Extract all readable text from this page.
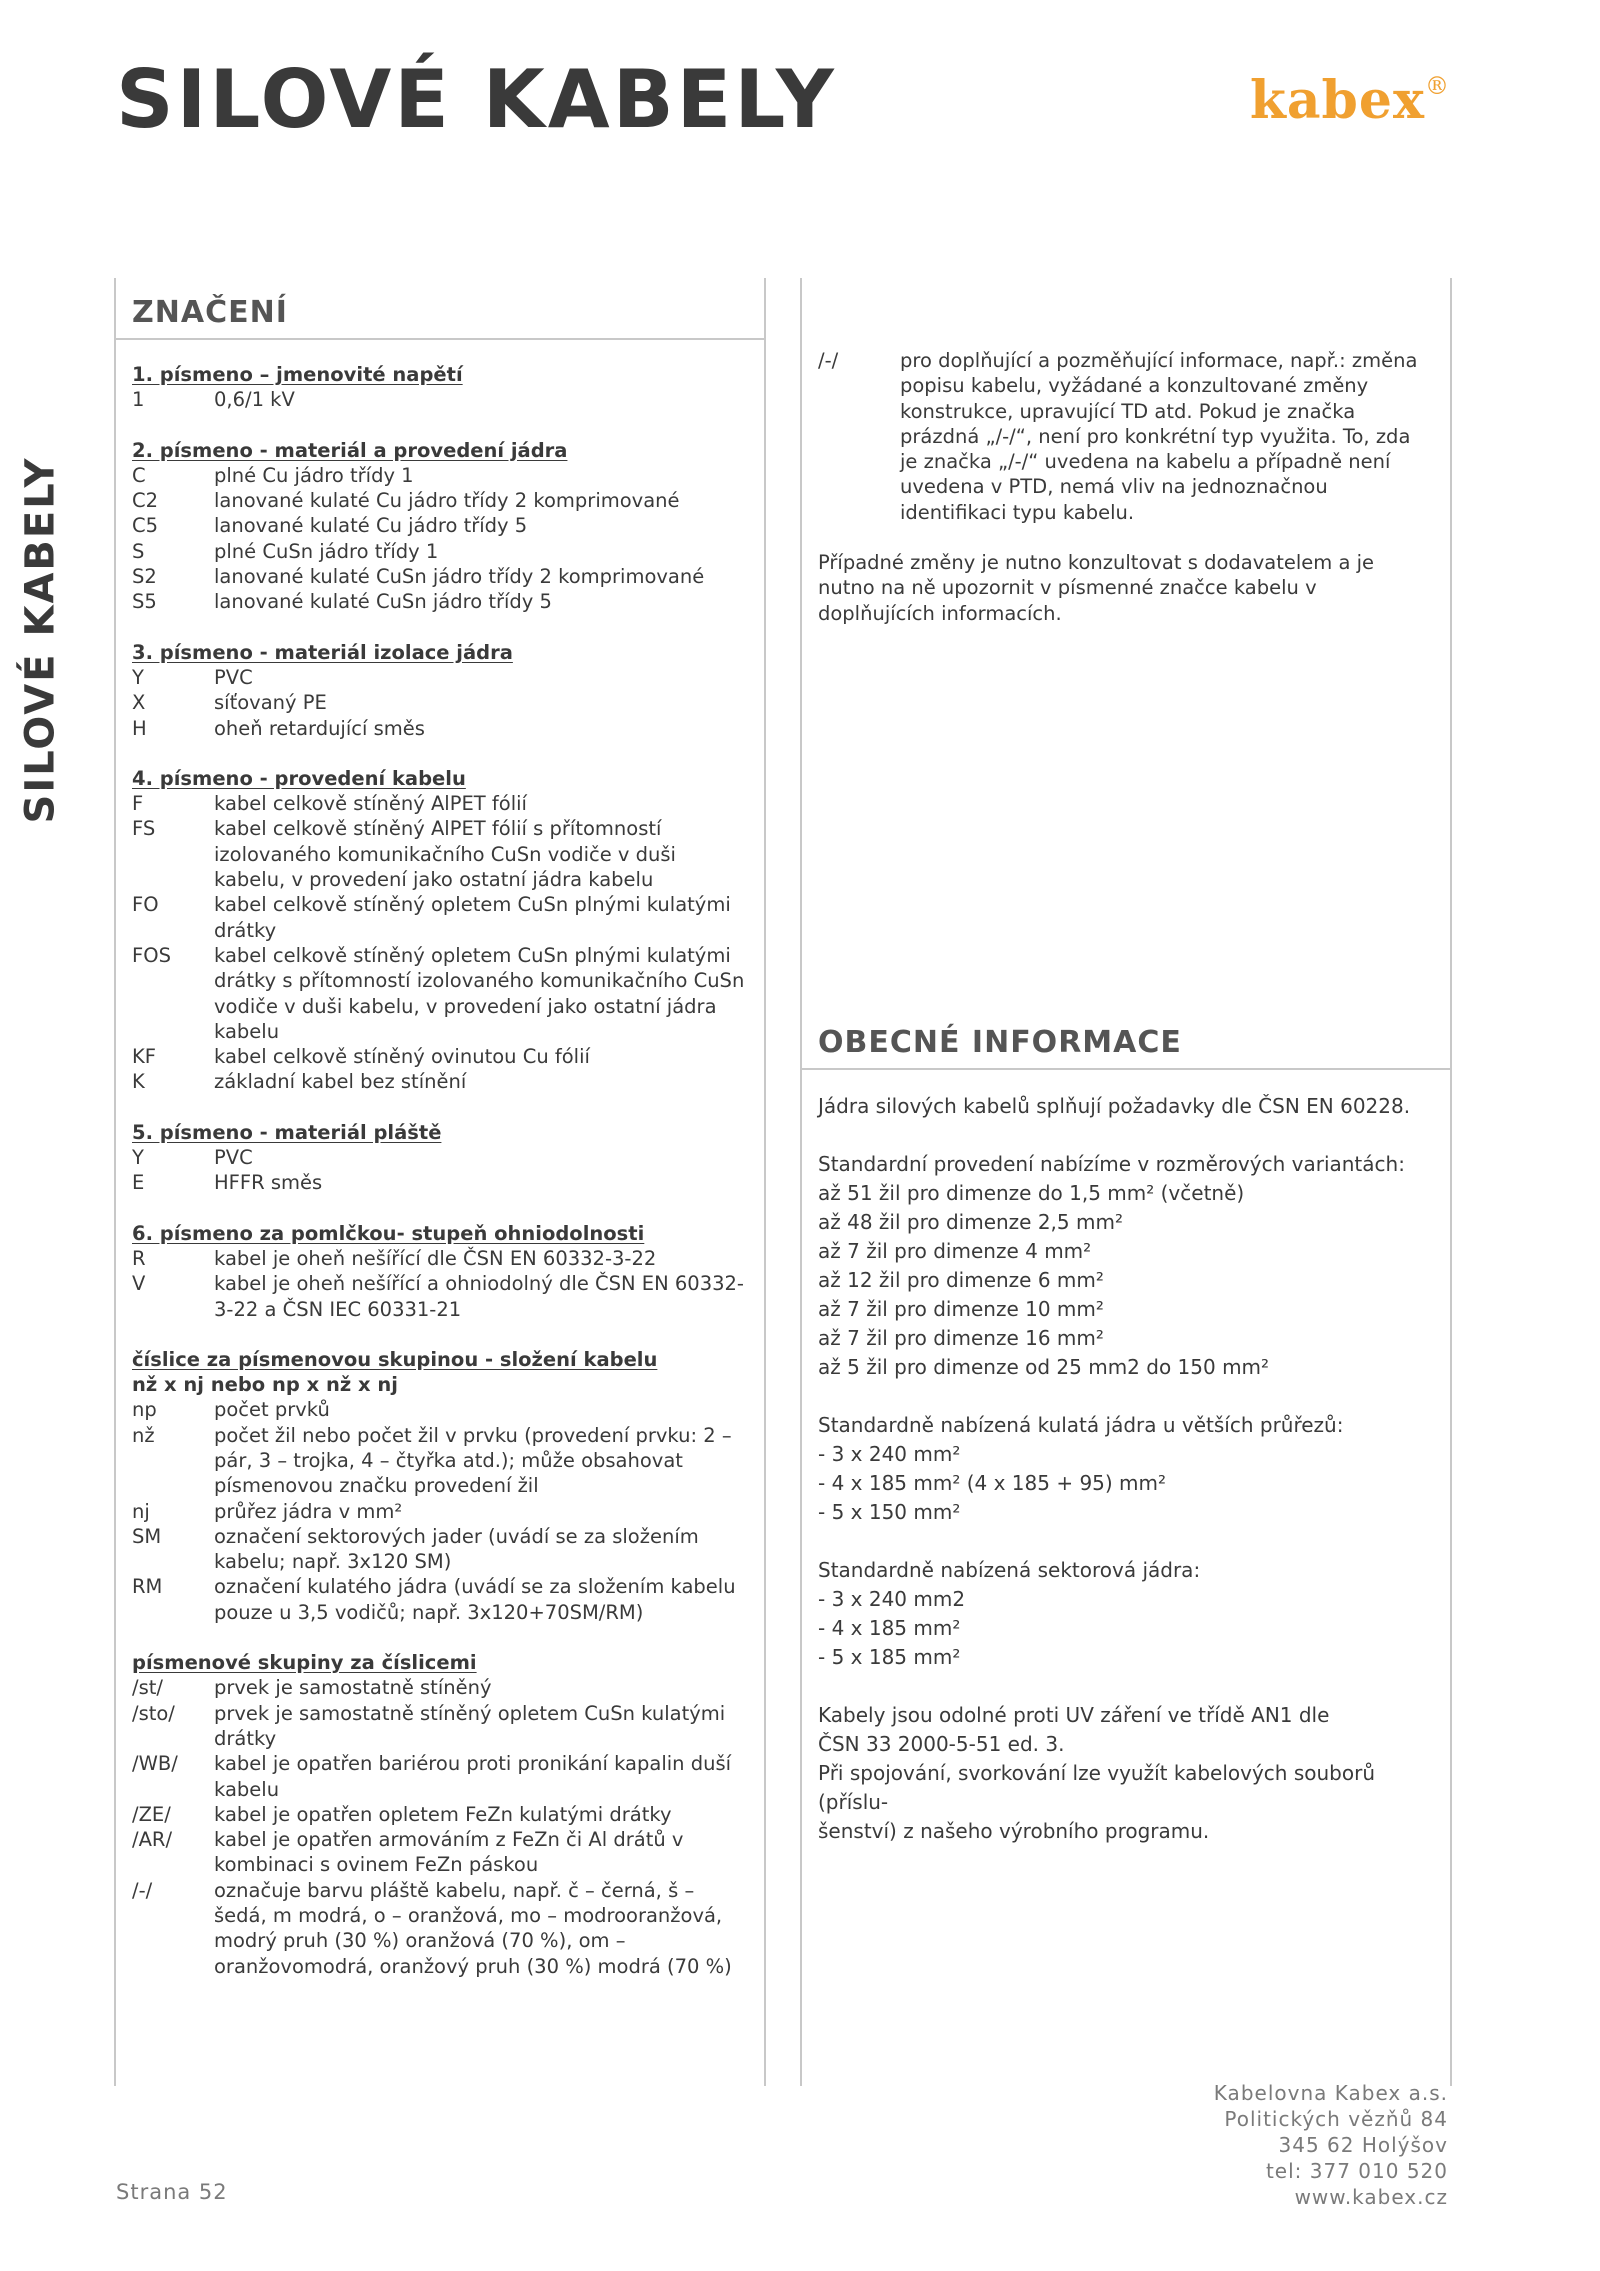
SILOVÉ KABELY
SILOVÉ KABELY	kabex®
ZNAČENÍ
1. písmeno – jmenovité napětí
1	0,6/1 kV
2. písmeno - materiál a provedení jádra
C	plné Cu jádro třídy 1
C2	lanované kulaté Cu jádro třídy 2 komprimované
C5	lanované kulaté Cu jádro třídy 5
S	plné CuSn jádro třídy 1
S2	lanované kulaté CuSn jádro třídy 2 komprimované
S5	lanované kulaté CuSn jádro třídy 5
3. písmeno - materiál izolace jádra
Y	PVC
X	síťovaný PE
H	oheň retardující směs
4. písmeno - provedení kabelu
F	kabel celkově stíněný AlPET fólií
FS	kabel celkově stíněný AlPET fólií s přítomností izolovaného komunikačního CuSn vodiče v duši kabelu, v provedení jako ostatní jádra kabelu
FO	kabel celkově stíněný opletem CuSn plnými kulatými drátky
FOS	kabel celkově stíněný opletem CuSn plnými kulatými drátky s přítomností izolovaného komunikačního CuSn vodiče v duši kabelu, v provedení jako ostatní jádra kabelu
KF	kabel celkově stíněný ovinutou Cu fólií
K	základní kabel bez stínění
5. písmeno - materiál pláště
Y	PVC
E	HFFR směs
6. písmeno za pomlčkou- stupeň ohniodolnosti
R	kabel je oheň nešířící dle ČSN EN 60332-3-22
V	kabel je oheň nešířící a ohniodolný dle ČSN EN 60332-3-22 a ČSN IEC 60331-21
číslice za písmenovou skupinou - složení kabelu
nž x nj nebo np x nž x nj
np	počet prvků
nž	počet žil nebo počet žil v prvku (provedení prvku: 2 – pár, 3 – trojka, 4 – čtyřka atd.); může obsahovat písmenovou značku provedení žil
nj	průřez jádra v mm²
SM	označení sektorových jader (uvádí se za složením kabelu; např. 3x120 SM)
RM	označení kulatého jádra (uvádí se za složením kabelu pouze u 3,5 vodičů; např. 3x120+70SM/RM)
písmenové skupiny za číslicemi
/st/	prvek je samostatně stíněný
/sto/	prvek je samostatně stíněný opletem CuSn kulatými drátky
/WB/	kabel je opatřen bariérou proti pronikání kapalin duší kabelu
/ZE/	kabel je opatřen opletem FeZn kulatými drátky
/AR/	kabel je opatřen armováním z FeZn či Al drátů v kombinaci s ovinem FeZn páskou
/-/	označuje barvu pláště kabelu, např. č – černá, š – šedá, m modrá, o – oranžová, mo – modrooranžová, modrý pruh (30 %) oranžová (70 %), om – oranžovomodrá, oranžový pruh (30 %) modrá (70 %)
/-/	pro doplňující a pozměňující informace, např.: změna popisu kabelu, vyžádané a konzultované změny konstrukce, upravující TD atd. Pokud je značka prázdná „/-/“, není pro konkrétní typ využita. To, zda je značka „/-/“ uvedena na kabelu a případně není uvedena v PTD, nemá vliv na jednoznačnou identifikaci typu kabelu.

Případné změny je nutno konzultovat s dodavatelem a je nutno na ně upozornit v písmenné značce kabelu v doplňujících informacích.

OBECNÉ INFORMACE
Jádra silových kabelů splňují požadavky dle ČSN EN 60228.
Standardní provedení nabízíme v rozměrových variantách:
až 51 žil pro dimenze do 1,5 mm² (včetně)
až 48 žil pro dimenze 2,5 mm²
až 7 žil pro dimenze 4 mm²
až 12 žil pro dimenze 6 mm²
až 7 žil pro dimenze 10 mm²
až 7 žil pro dimenze 16 mm²
až 5 žil pro dimenze od 25 mm2 do 150 mm²
Standardně nabízená kulatá jádra u větších průřezů:
- 3 x 240 mm²
- 4 x 185 mm² (4 x 185 + 95) mm²
- 5 x 150 mm²
Standardně nabízená sektorová jádra:
- 3 x 240 mm2
- 4 x 185 mm²
- 5 x 185 mm²
Kabely jsou odolné proti UV záření ve třídě AN1 dle
ČSN 33 2000-5-51 ed. 3.
Při spojování, svorkování lze využít kabelových souborů (příslu-
šenství) z našeho výrobního programu.
Strana 52
Kabelovna Kabex a.s.
Politických vězňů 84
345 62 Holýšov
tel: 377 010 520
www.kabex.cz
